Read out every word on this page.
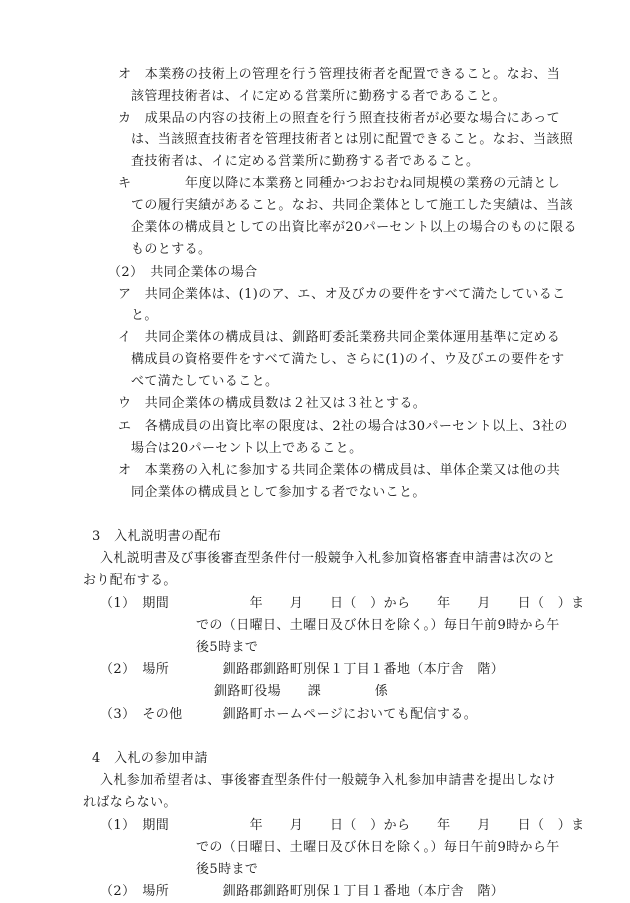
オ　本業務の技術上の管理を行う管理技術者を配置できること。なお、当

該管理技術者は、イに定める営業所に勤務する者であること。

カ　成果品の内容の技術上の照査を行う照査技術者が必要な場合にあって

は、当該照査技術者を管理技術者とは別に配置できること。なお、当該照

査技術者は、イに定める営業所に勤務する者であること。

キ　　　　年度以降に本業務と同種かつおおむね同規模の業務の元請とし

ての履行実績があること。なお、共同企業体として施工した実績は、当該

企業体の構成員としての出資比率が20パーセント以上の場合のものに限る

ものとする。

（2）　共同企業体の場合

ア　共同企業体は、(1)のア、エ、オ及びカの要件をすべて満たしているこ

と。

イ　共同企業体の構成員は、釧路町委託業務共同企業体運用基準に定める

構成員の資格要件をすべて満たし、さらに(1)のイ、ウ及びエの要件をす

べて満たしていること。

ウ　共同企業体の構成員数は２社又は３社とする。

エ　各構成員の出資比率の限度は、2社の場合は30パーセント以上、3社の

場合は20パーセント以上であること。

オ　本業務の入札に参加する共同企業体の構成員は、単体企業又は他の共

同企業体の構成員として参加する者でないこと。

3　入札説明書の配布

入札説明書及び事後審査型条件付一般競争入札参加資格審査申請書は次のと

おり配布する。

（1）　期間　　　　　　年　　月　　日（　）から　　年　　月　　日（　）ま

での（日曜日、土曜日及び休日を除く。）毎日午前9時から午

後5時まで

（2）　場所　　　　釧路郡釧路町別保１丁目１番地（本庁舎　階）

釧路町役場　　課　　　　係

（3）　その他　　　釧路町ホームページにおいても配信する。

4　入札の参加申請

入札参加希望者は、事後審査型条件付一般競争入札参加申請書を提出しなけ

ればならない。

（1）　期間　　　　　　年　　月　　日（　）から　　年　　月　　日（　）ま

での（日曜日、土曜日及び休日を除く。）毎日午前9時から午

後5時まで

（2）　場所　　　　釧路郡釧路町別保１丁目１番地（本庁舎　階）
